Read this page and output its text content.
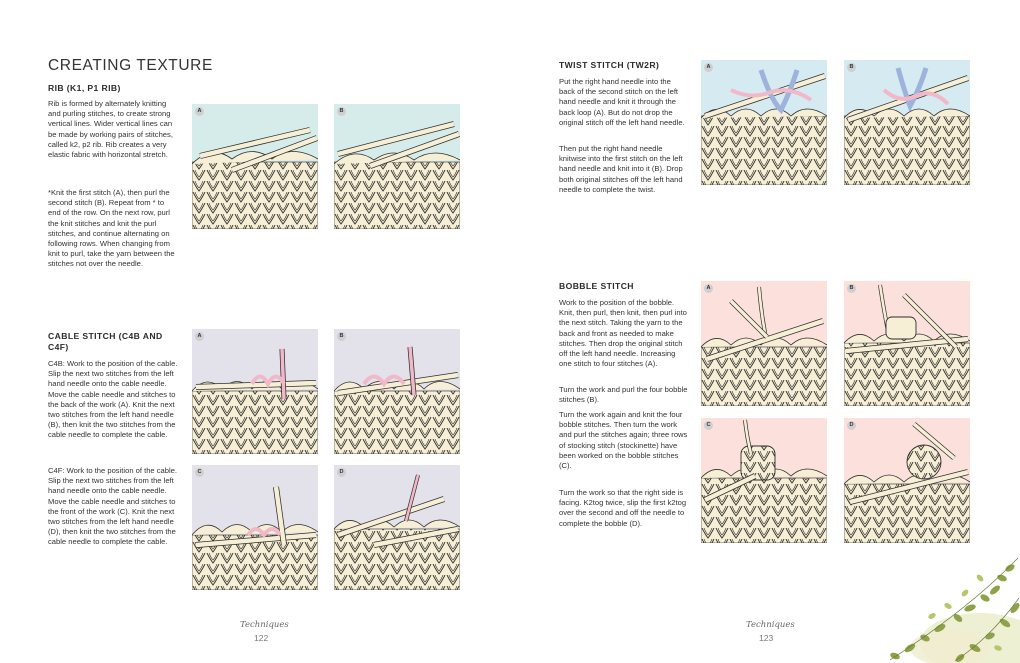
CREATING TEXTURE
RIB (K1, P1 RIB)

Rib is formed by alternately knitting and purling stitches, to create strong vertical lines. Wider vertical lines can be made by working pairs of stitches, called k2, p2 rib. Rib creates a very elastic fabric with horizontal stretch.

*Knit the first stitch (A), then purl the second stitch (B). Repeat from * to end of the row. On the next row, purl the knit stitches and knit the purl stitches, and continue alternating on following rows. When changing from knit to purl, take the yarn between the stitches not over the needle.

A	B
CABLE STITCH (C4B AND C4F)

C4B: Work to the position of the cable. Slip the next two stitches from the left hand needle onto the cable needle. Move the cable needle and stitches to the back of the work (A). Knit the next two stitches from the left hand needle (B), then knit the two stitches from the cable needle to complete the cable.

C4F: Work to the position of the cable. Slip the next two stitches from the left hand needle onto the cable needle. Move the cable needle and stitches to the front of the work (C). Knit the next two stitches from the left hand needle (D), then knit the two stitches from the cable needle to complete the cable.

A	B
C	D
Techniques
122
TWIST STITCH (TW2R)

Put the right hand needle into the back of the second stitch on the left hand needle and knit it through the back loop (A). But do not drop the original stitch off the left hand needle.

Then put the right hand needle knitwise into the first stitch on the left hand needle and knit into it (B). Drop both original stitches off the left hand needle to complete the twist.

A	B
BOBBLE STITCH

Work to the position of the bobble. Knit, then purl, then knit, then purl into the next stitch. Taking the yarn to the back and front as needed to make stitches. Then drop the original stitch off the left hand needle. Increasing one stitch to four stitches (A).

Turn the work and purl the four bobble stitches (B).

Turn the work again and knit the four bobble stitches. Then turn the work and purl the stitches again; three rows of stocking stitch (stockinette) have been worked on the bobble stitches (C).

Turn the work so that the right side is facing. K2tog twice, slip the first k2tog over the second and off the needle to complete the bobble (D).

A	B
C	D
Techniques
123
